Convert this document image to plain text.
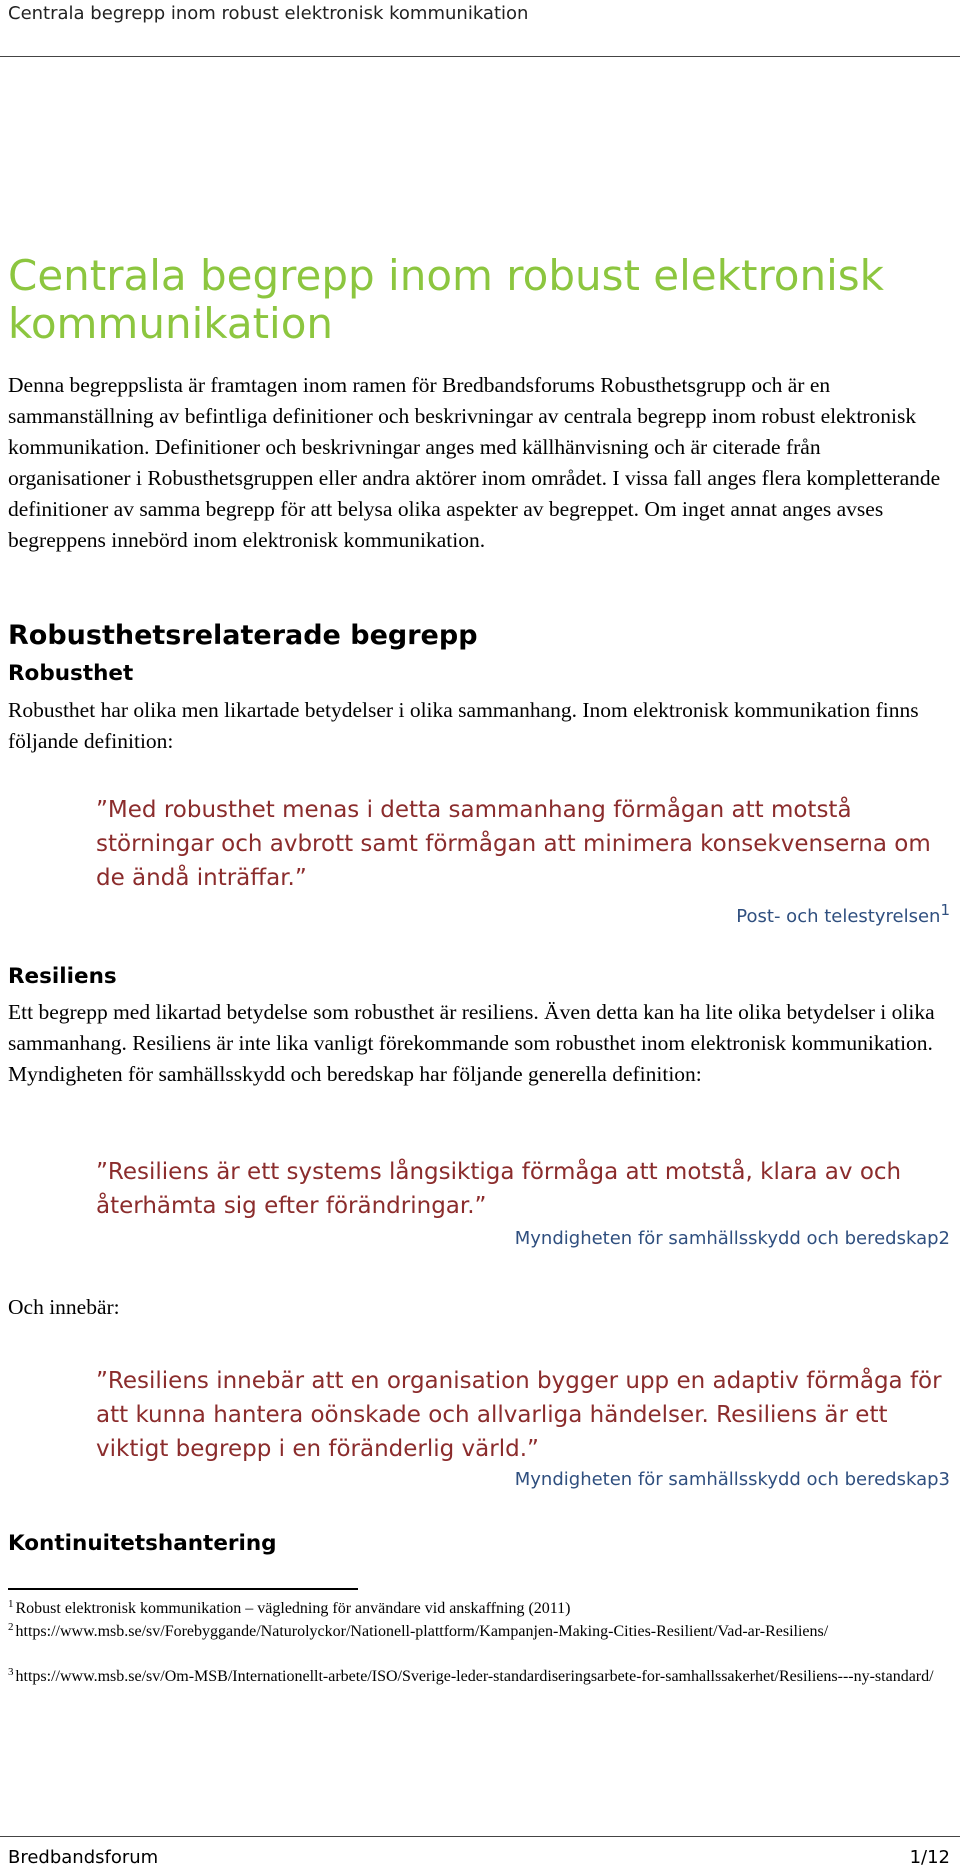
Centrala begrepp inom robust elektronisk kommunikation
Centrala begrepp inom robust elektronisk kommunikation

Denna begreppslista är framtagen inom ramen för Bredbandsforums Robusthetsgrupp och är en sammanställning av befintliga definitioner och beskrivningar av centrala begrepp inom robust elektronisk kommunikation. Definitioner och beskrivningar anges med källhänvisning och är citerade från organisationer i Robusthetsgruppen eller andra aktörer inom området. I vissa fall anges flera kompletterande definitioner av samma begrepp för att belysa olika aspekter av begreppet. Om inget annat anges avses begreppens innebörd inom elektronisk kommunikation.

Robusthetsrelaterade begrepp
Robusthet

Robusthet har olika men likartade betydelser i olika sammanhang. Inom elektronisk kommunikation finns följande definition:

”Med robusthet menas i detta sammanhang förmågan att motstå störningar och avbrott samt förmågan att minimera konsekvenserna om de ändå inträffar.”

Post- och telestyrelsen$^1$

Resiliens

Ett begrepp med likartad betydelse som robusthet är resiliens. Även detta kan ha lite olika betydelser i olika sammanhang. Resiliens är inte lika vanligt förekommande som robusthet inom elektronisk kommunikation. Myndigheten för samhällsskydd och beredskap har följande generella definition:

”Resiliens är ett systems långsiktiga förmåga att motstå, klara av och återhämta sig efter förändringar.”

Myndigheten för samhällsskydd och beredskap2

Och innebär:

”Resiliens innebär att en organisation bygger upp en adaptiv förmåga för att kunna hantera oönskade och allvarliga händelser. Resiliens är ett viktigt begrepp i en föränderlig värld.”

Myndigheten för samhällsskydd och beredskap3

Kontinuitetshantering

$^1$ Robust elektronisk kommunikation – vägledning för användare vid anskaffning (2011)

$^2$ https://www.msb.se/sv/Forebyggande/Naturolyckor/Nationell-plattform/Kampanjen-Making-Cities-Resilient/Vad-ar-Resiliens/

$^3$ https://www.msb.se/sv/Om-MSB/Internationellt-arbete/ISO/Sverige-leder-standardiseringsarbete-for-samhallssakerhet/Resiliens---ny-standard/

Bredbandsforum	1/12
